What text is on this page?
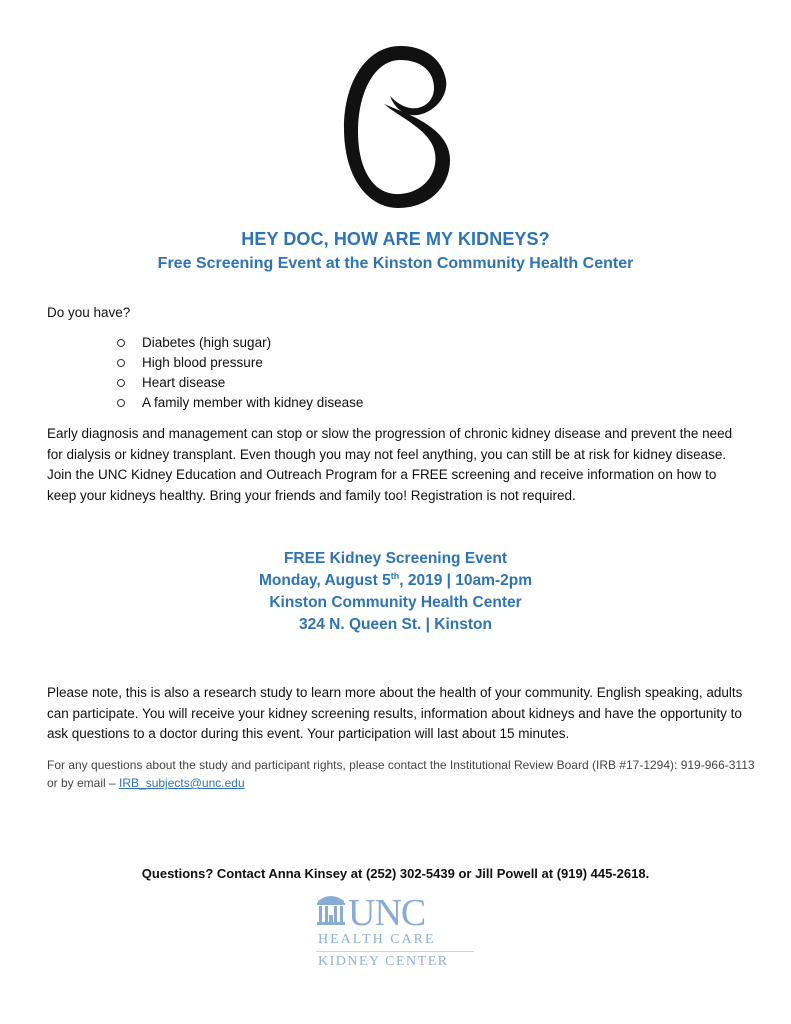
HEY DOC, HOW ARE MY KIDNEYS?
Free Screening Event at the Kinston Community Health Center
Do you have?
Diabetes (high sugar)
High blood pressure
Heart disease
A family member with kidney disease
Early diagnosis and management can stop or slow the progression of chronic kidney disease and prevent the need for dialysis or kidney transplant. Even though you may not feel anything, you can still be at risk for kidney disease. Join the UNC Kidney Education and Outreach Program for a FREE screening and receive information on how to keep your kidneys healthy. Bring your friends and family too! Registration is not required.
FREE Kidney Screening Event
Monday, August 5th, 2019 | 10am-2pm
Kinston Community Health Center
324 N. Queen St. | Kinston
Please note, this is also a research study to learn more about the health of your community. English speaking, adults can participate. You will receive your kidney screening results, information about kidneys and have the opportunity to ask questions to a doctor during this event. Your participation will last about 15 minutes.
For any questions about the study and participant rights, please contact the Institutional Review Board (IRB #17-1294): 919-966-3113 or by email – IRB_subjects@unc.edu
Questions? Contact Anna Kinsey at (252) 302-5439 or Jill Powell at (919) 445-2618.
UNC
HEALTH CARE
KIDNEY CENTER
